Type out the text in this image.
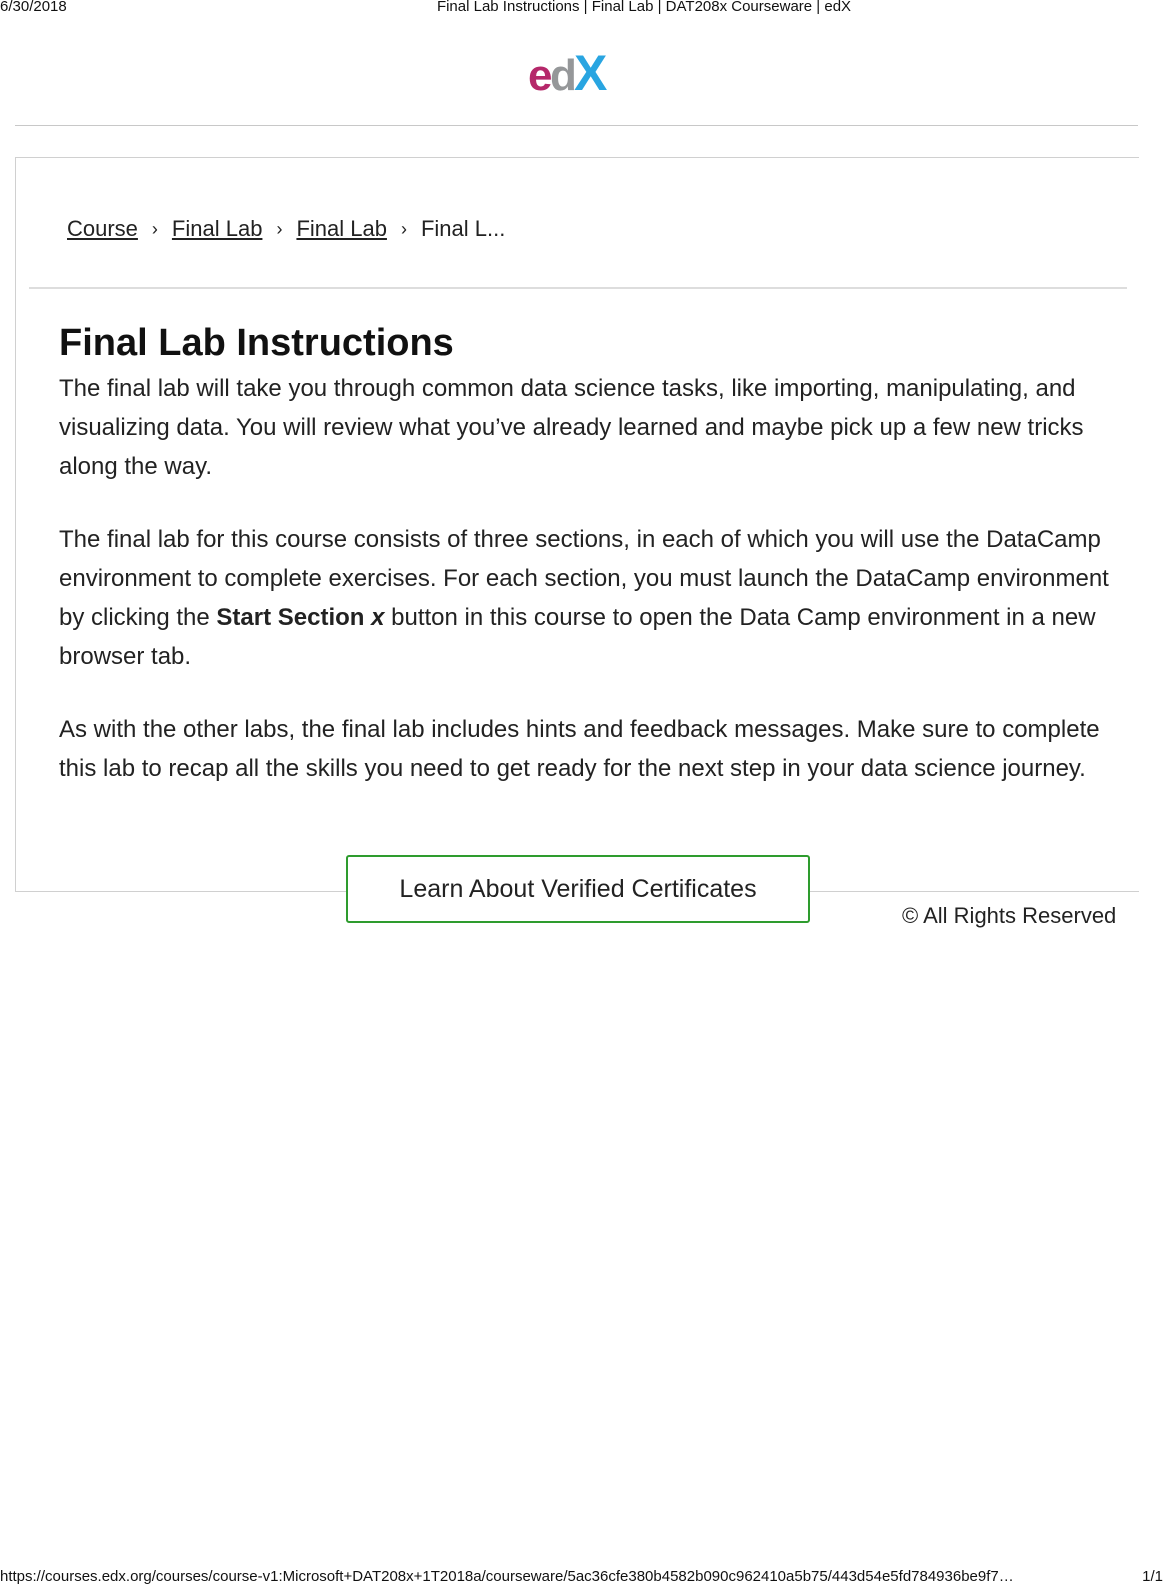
6/30/2018	Final Lab Instructions | Final Lab | DAT208x Courseware | edX
e
d
X
Course › Final Lab › Final Lab › Final L...
Final Lab Instructions

The final lab will take you through common data science tasks, like importing, manipulating, and visualizing data. You will review what you’ve already learned and maybe pick up a few new tricks along the way.

The final lab for this course consists of three sections, in each of which you will use the DataCamp environment to complete exercises. For each section, you must launch the DataCamp environment by clicking the Start Section x button in this course to open the Data Camp environment in a new browser tab.

As with the other labs, the final lab includes hints and feedback messages. Make sure to complete this lab to recap all the skills you need to get ready for the next step in your data science journey.

Learn About Verified Certificates
© All Rights Reserved
https://courses.edx.org/courses/course-v1:Microsoft+DAT208x+1T2018a/courseware/5ac36cfe380b4582b090c962410a5b75/443d54e5fd784936be9f7…	1/1
